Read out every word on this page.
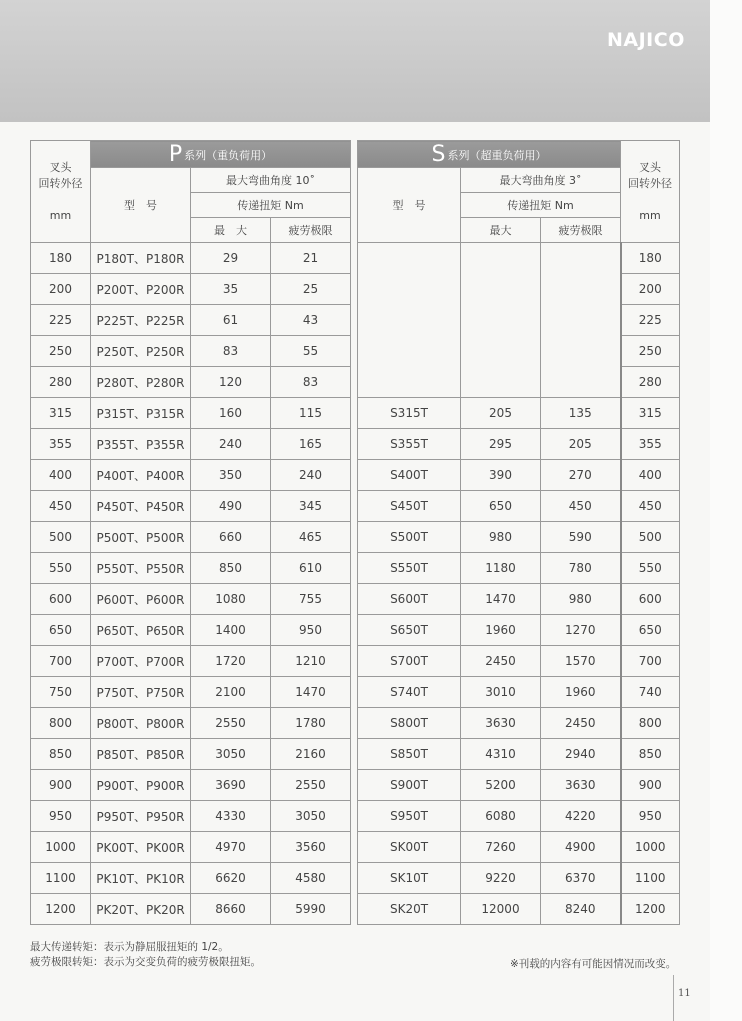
NAJICO
叉头
回转外径

mm	P 系列（重负荷用）		
	型　号	最大弯曲角度 10˚	
		传递扭矩 Nm	
		最　大	疲劳极限
180	P180T、P180R	29	21
200	P200T、P200R	35	25
225	P225T、P225R	61	43
250	P250T、P250R	83	55
280	P280T、P280R	120	83
315	P315T、P315R	160	115
355	P355T、P355R	240	165
400	P400T、P400R	350	240
450	P450T、P450R	490	345
500	P500T、P500R	660	465
550	P550T、P550R	850	610
600	P600T、P600R	1080	755
650	P650T、P650R	1400	950
700	P700T、P700R	1720	1210
750	P750T、P750R	2100	1470
800	P800T、P800R	2550	1780
850	P850T、P850R	3050	2160
900	P900T、P900R	3690	2550
950	P950T、P950R	4330	3050
1000	PK00T、PK00R	4970	3560
1100	PK10T、PK10R	6620	4580
1200	PK20T、PK20R	8660	5990
S 系列（超重负荷用）			叉头
回转外径

mm
型　号	最大弯曲角度 3˚		
	传递扭矩 Nm		
	最大	疲劳极限	
			180
			200
			225
			250
			280
S315T	205	135	315
S355T	295	205	355
S400T	390	270	400
S450T	650	450	450
S500T	980	590	500
S550T	1180	780	550
S600T	1470	980	600
S650T	1960	1270	650
S700T	2450	1570	700
S740T	3010	1960	740
S800T	3630	2450	800
S850T	4310	2940	850
S900T	5200	3630	900
S950T	6080	4220	950
SK00T	7260	4900	1000
SK10T	9220	6370	1100
SK20T	12000	8240	1200
最大传递转矩：表示为静屈服扭矩的 1/2。
疲劳极限转矩：表示为交变负荷的疲劳极限扭矩。	※刊载的内容有可能因情况而改变。
11
